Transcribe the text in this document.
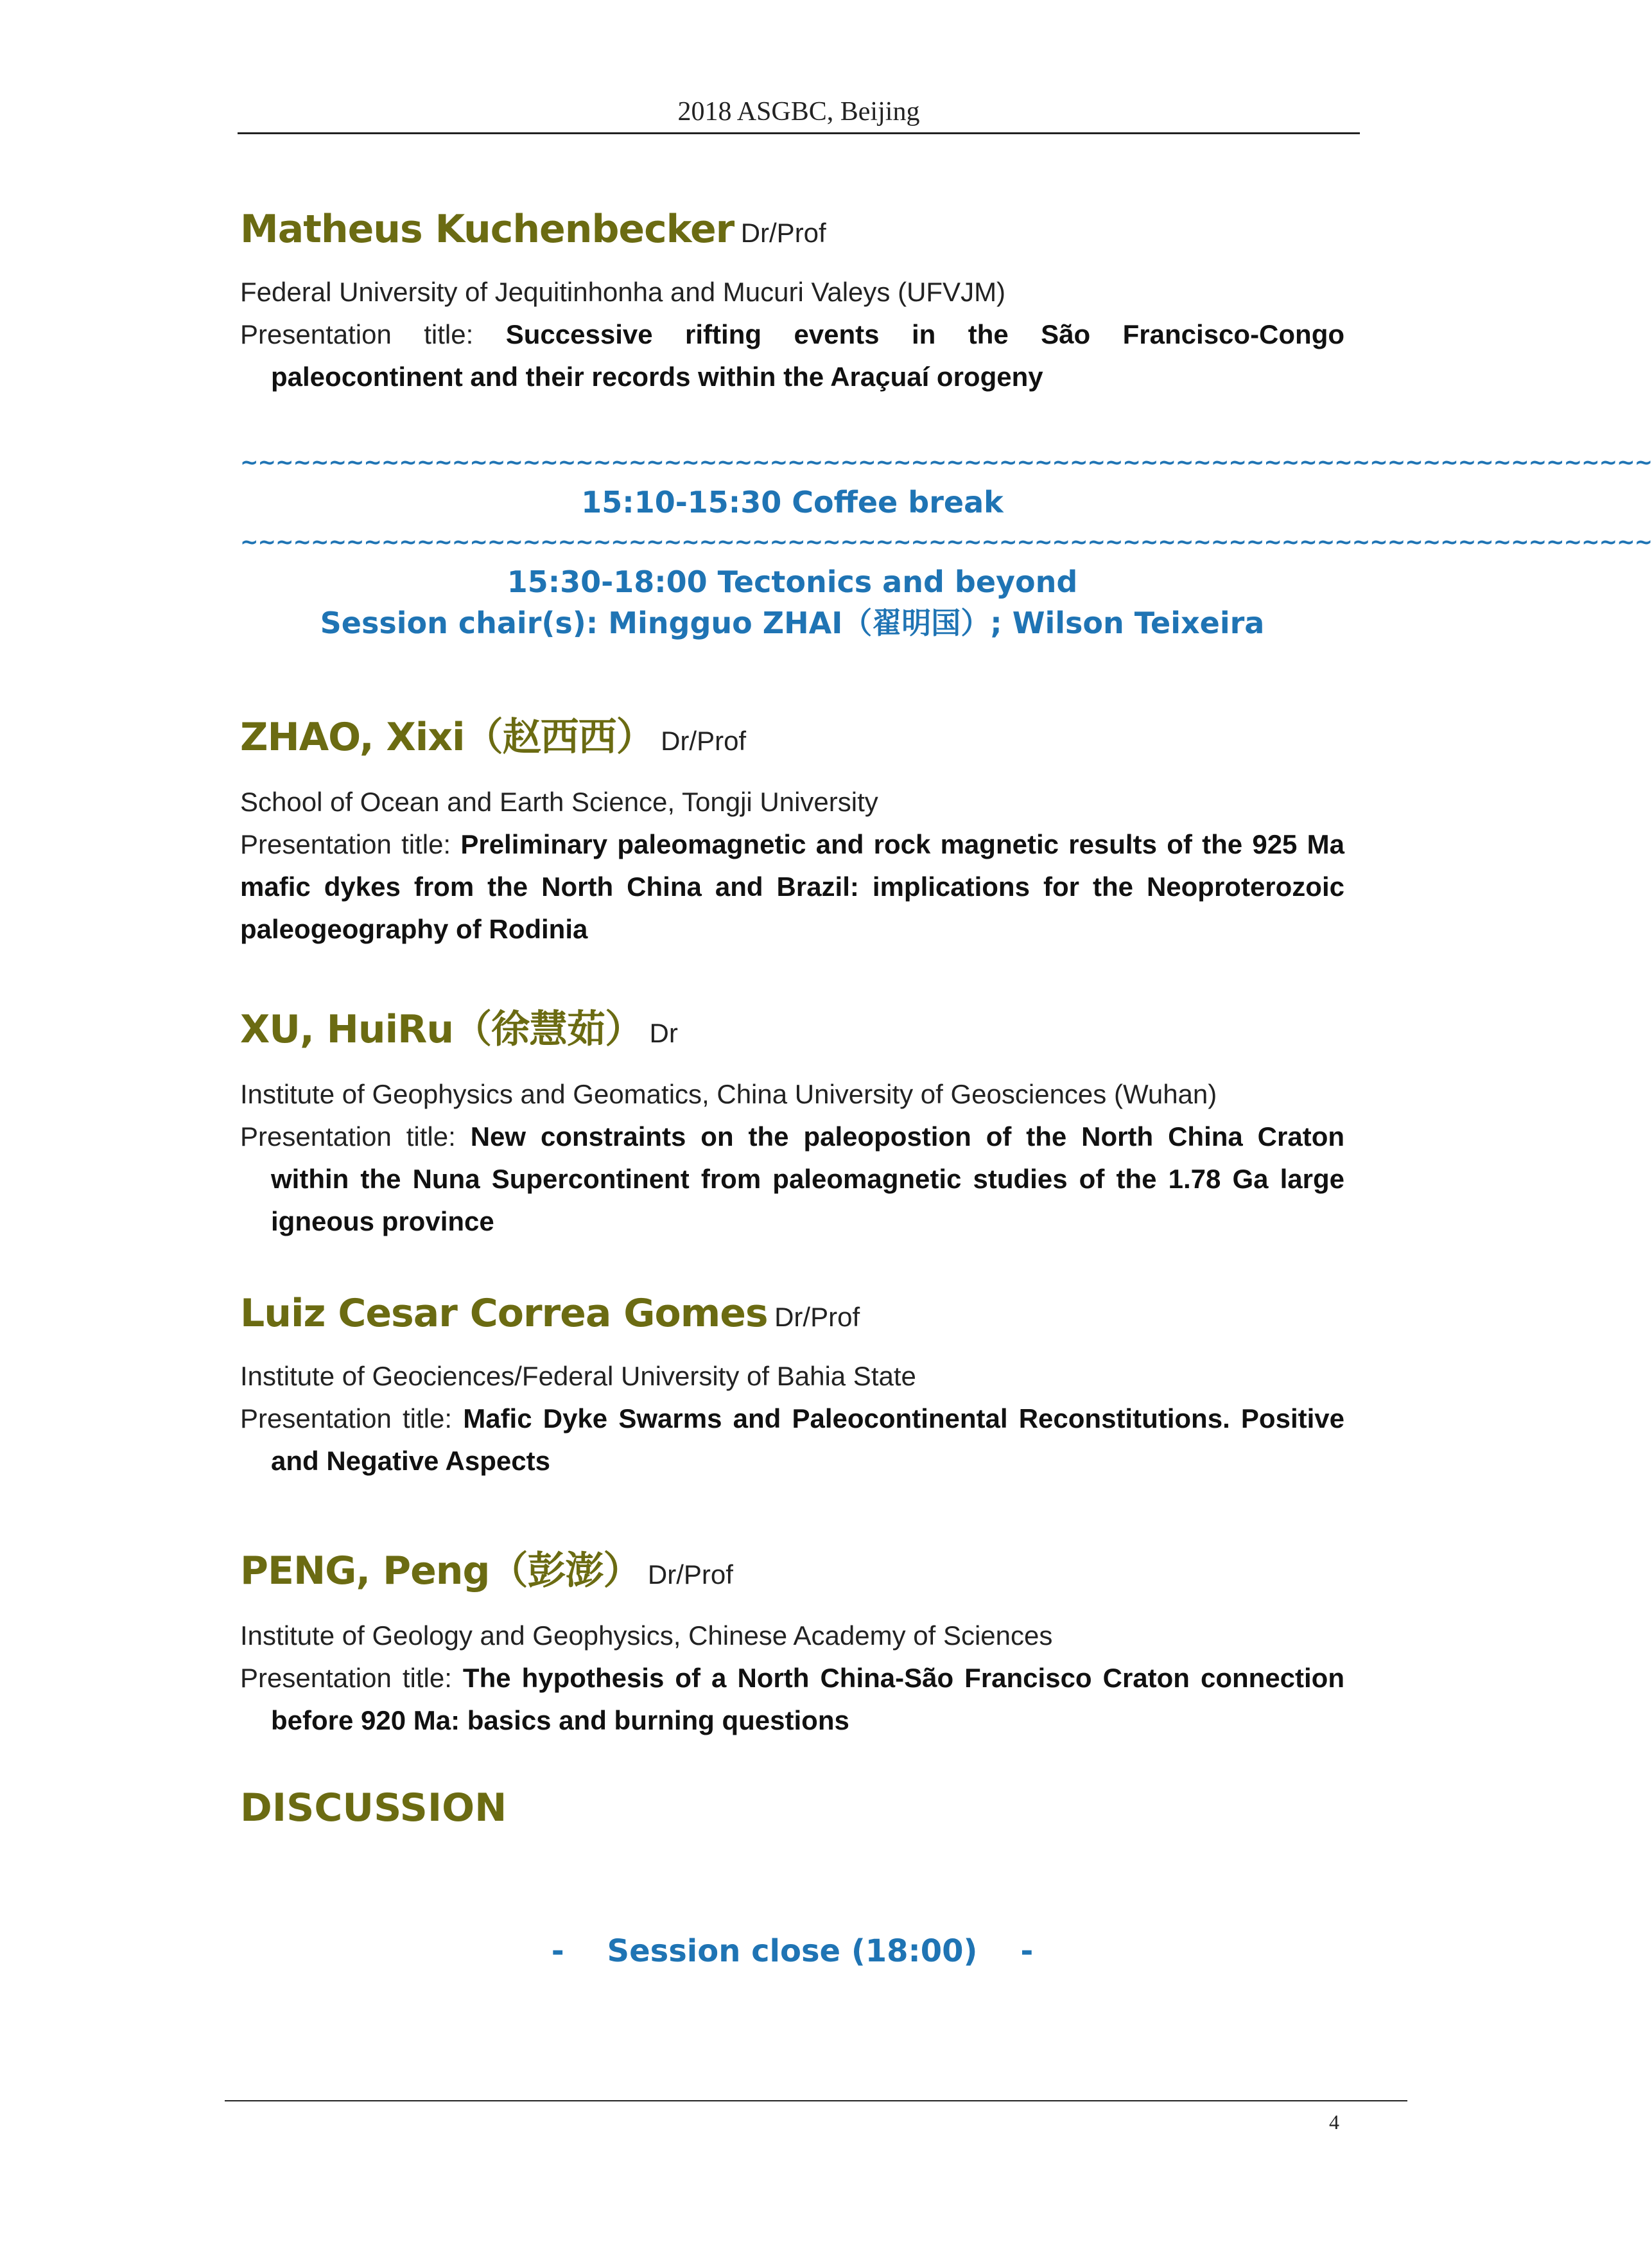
2018 ASGBC, Beijing

Matheus Kuchenbecker Dr/Prof

Federal University of Jequitinhonha and Mucuri Valeys (UFVJM)
Presentation title: Successive rifting events in the São Francisco-Congo paleocontinent and their records within the Araçuaí orogeny
~~~~~~~~~~~~~~~~~~~~~~~~~~~~~~~~~~~~~~~~~~~~~~~~~~~~~~~~~~~~~~~~~~~~~~~~~~~~~~~~
15:10-15:30 Coffee break
~~~~~~~~~~~~~~~~~~~~~~~~~~~~~~~~~~~~~~~~~~~~~~~~~~~~~~~~~~~~~~~~~~~~~~~~~~~~~~~~
15:30-18:00 Tectonics and beyond
Session chair(s): Mingguo ZHAI（翟明国）; Wilson Teixeira

ZHAO, Xixi（赵西西） Dr/Prof

School of Ocean and Earth Science, Tongji University
Presentation title: Preliminary paleomagnetic and rock magnetic results of the 925 Ma mafic dykes from the North China and Brazil: implications for the Neoproterozoic paleogeography of Rodinia

XU, HuiRu（徐慧茹） Dr

Institute of Geophysics and Geomatics, China University of Geosciences (Wuhan)
Presentation title: New constraints on the paleopostion of the North China Craton within the Nuna Supercontinent from paleomagnetic studies of the 1.78 Ga large igneous province

Luiz Cesar Correa Gomes Dr/Prof

Institute of Geociences/Federal University of Bahia State
Presentation title: Mafic Dyke Swarms and Paleocontinental Reconstitutions. Positive and Negative Aspects

PENG, Peng（彭澎） Dr/Prof

Institute of Geology and Geophysics, Chinese Academy of Sciences
Presentation title: The hypothesis of a North China-São Francisco Craton connection before 920 Ma: basics and burning questions
DISCUSSION
-    Session close (18:00)    -
4
